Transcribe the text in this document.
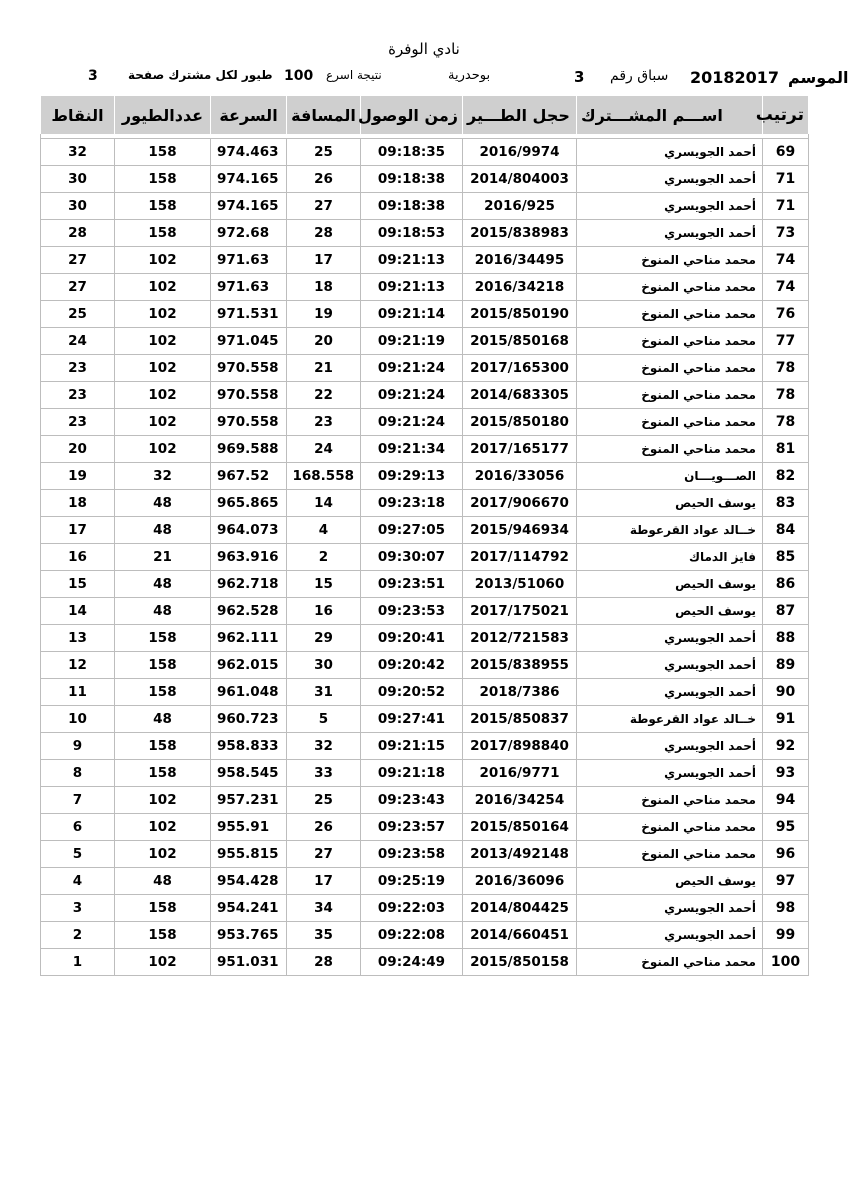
نادي الوفرة
3	طيور لكل مشترك صفحة 100 نتيجة اسرع	بوحدرية	3 سباق رقم 20182017 الموسم
ترتيب	اســـم المشـــترك	حجل الطـــير	زمن الوصول	المسافة	السرعة	عددالطيور	النقاط

69	أحمد الجويسري	2016/9974	09:18:35	25	974.463	158	32
71	أحمد الجويسري	2014/804003	09:18:38	26	974.165	158	30
71	أحمد الجويسري	2016/925	09:18:38	27	974.165	158	30
73	أحمد الجويسري	2015/838983	09:18:53	28	972.68	158	28
74	محمد مناحي المنوخ	2016/34495	09:21:13	17	971.63	102	27
74	محمد مناحي المنوخ	2016/34218	09:21:13	18	971.63	102	27
76	محمد مناحي المنوخ	2015/850190	09:21:14	19	971.531	102	25
77	محمد مناحي المنوخ	2015/850168	09:21:19	20	971.045	102	24
78	محمد مناحي المنوخ	2017/165300	09:21:24	21	970.558	102	23
78	محمد مناحي المنوخ	2014/683305	09:21:24	22	970.558	102	23
78	محمد مناحي المنوخ	2015/850180	09:21:24	23	970.558	102	23
81	محمد مناحي المنوخ	2017/165177	09:21:34	24	969.588	102	20
82	الصـــويـــان	2016/33056	09:29:13	168.558	967.52	32	19
83	يوسف الحيص	2017/906670	09:23:18	14	965.865	48	18
84	خــالد عواد القرعوطة	2015/946934	09:27:05	4	964.073	48	17
85	فايز الدماك	2017/114792	09:30:07	2	963.916	21	16
86	يوسف الحيص	2013/51060	09:23:51	15	962.718	48	15
87	يوسف الحيص	2017/175021	09:23:53	16	962.528	48	14
88	أحمد الجويسري	2012/721583	09:20:41	29	962.111	158	13
89	أحمد الجويسري	2015/838955	09:20:42	30	962.015	158	12
90	أحمد الجويسري	2018/7386	09:20:52	31	961.048	158	11
91	خــالد عواد القرعوطة	2015/850837	09:27:41	5	960.723	48	10
92	أحمد الجويسري	2017/898840	09:21:15	32	958.833	158	9
93	أحمد الجويسري	2016/9771	09:21:18	33	958.545	158	8
94	محمد مناحي المنوخ	2016/34254	09:23:43	25	957.231	102	7
95	محمد مناحي المنوخ	2015/850164	09:23:57	26	955.91	102	6
96	محمد مناحي المنوخ	2013/492148	09:23:58	27	955.815	102	5
97	يوسف الحيص	2016/36096	09:25:19	17	954.428	48	4
98	أحمد الجويسري	2014/804425	09:22:03	34	954.241	158	3
99	أحمد الجويسري	2014/660451	09:22:08	35	953.765	158	2
100	محمد مناحي المنوخ	2015/850158	09:24:49	28	951.031	102	1
